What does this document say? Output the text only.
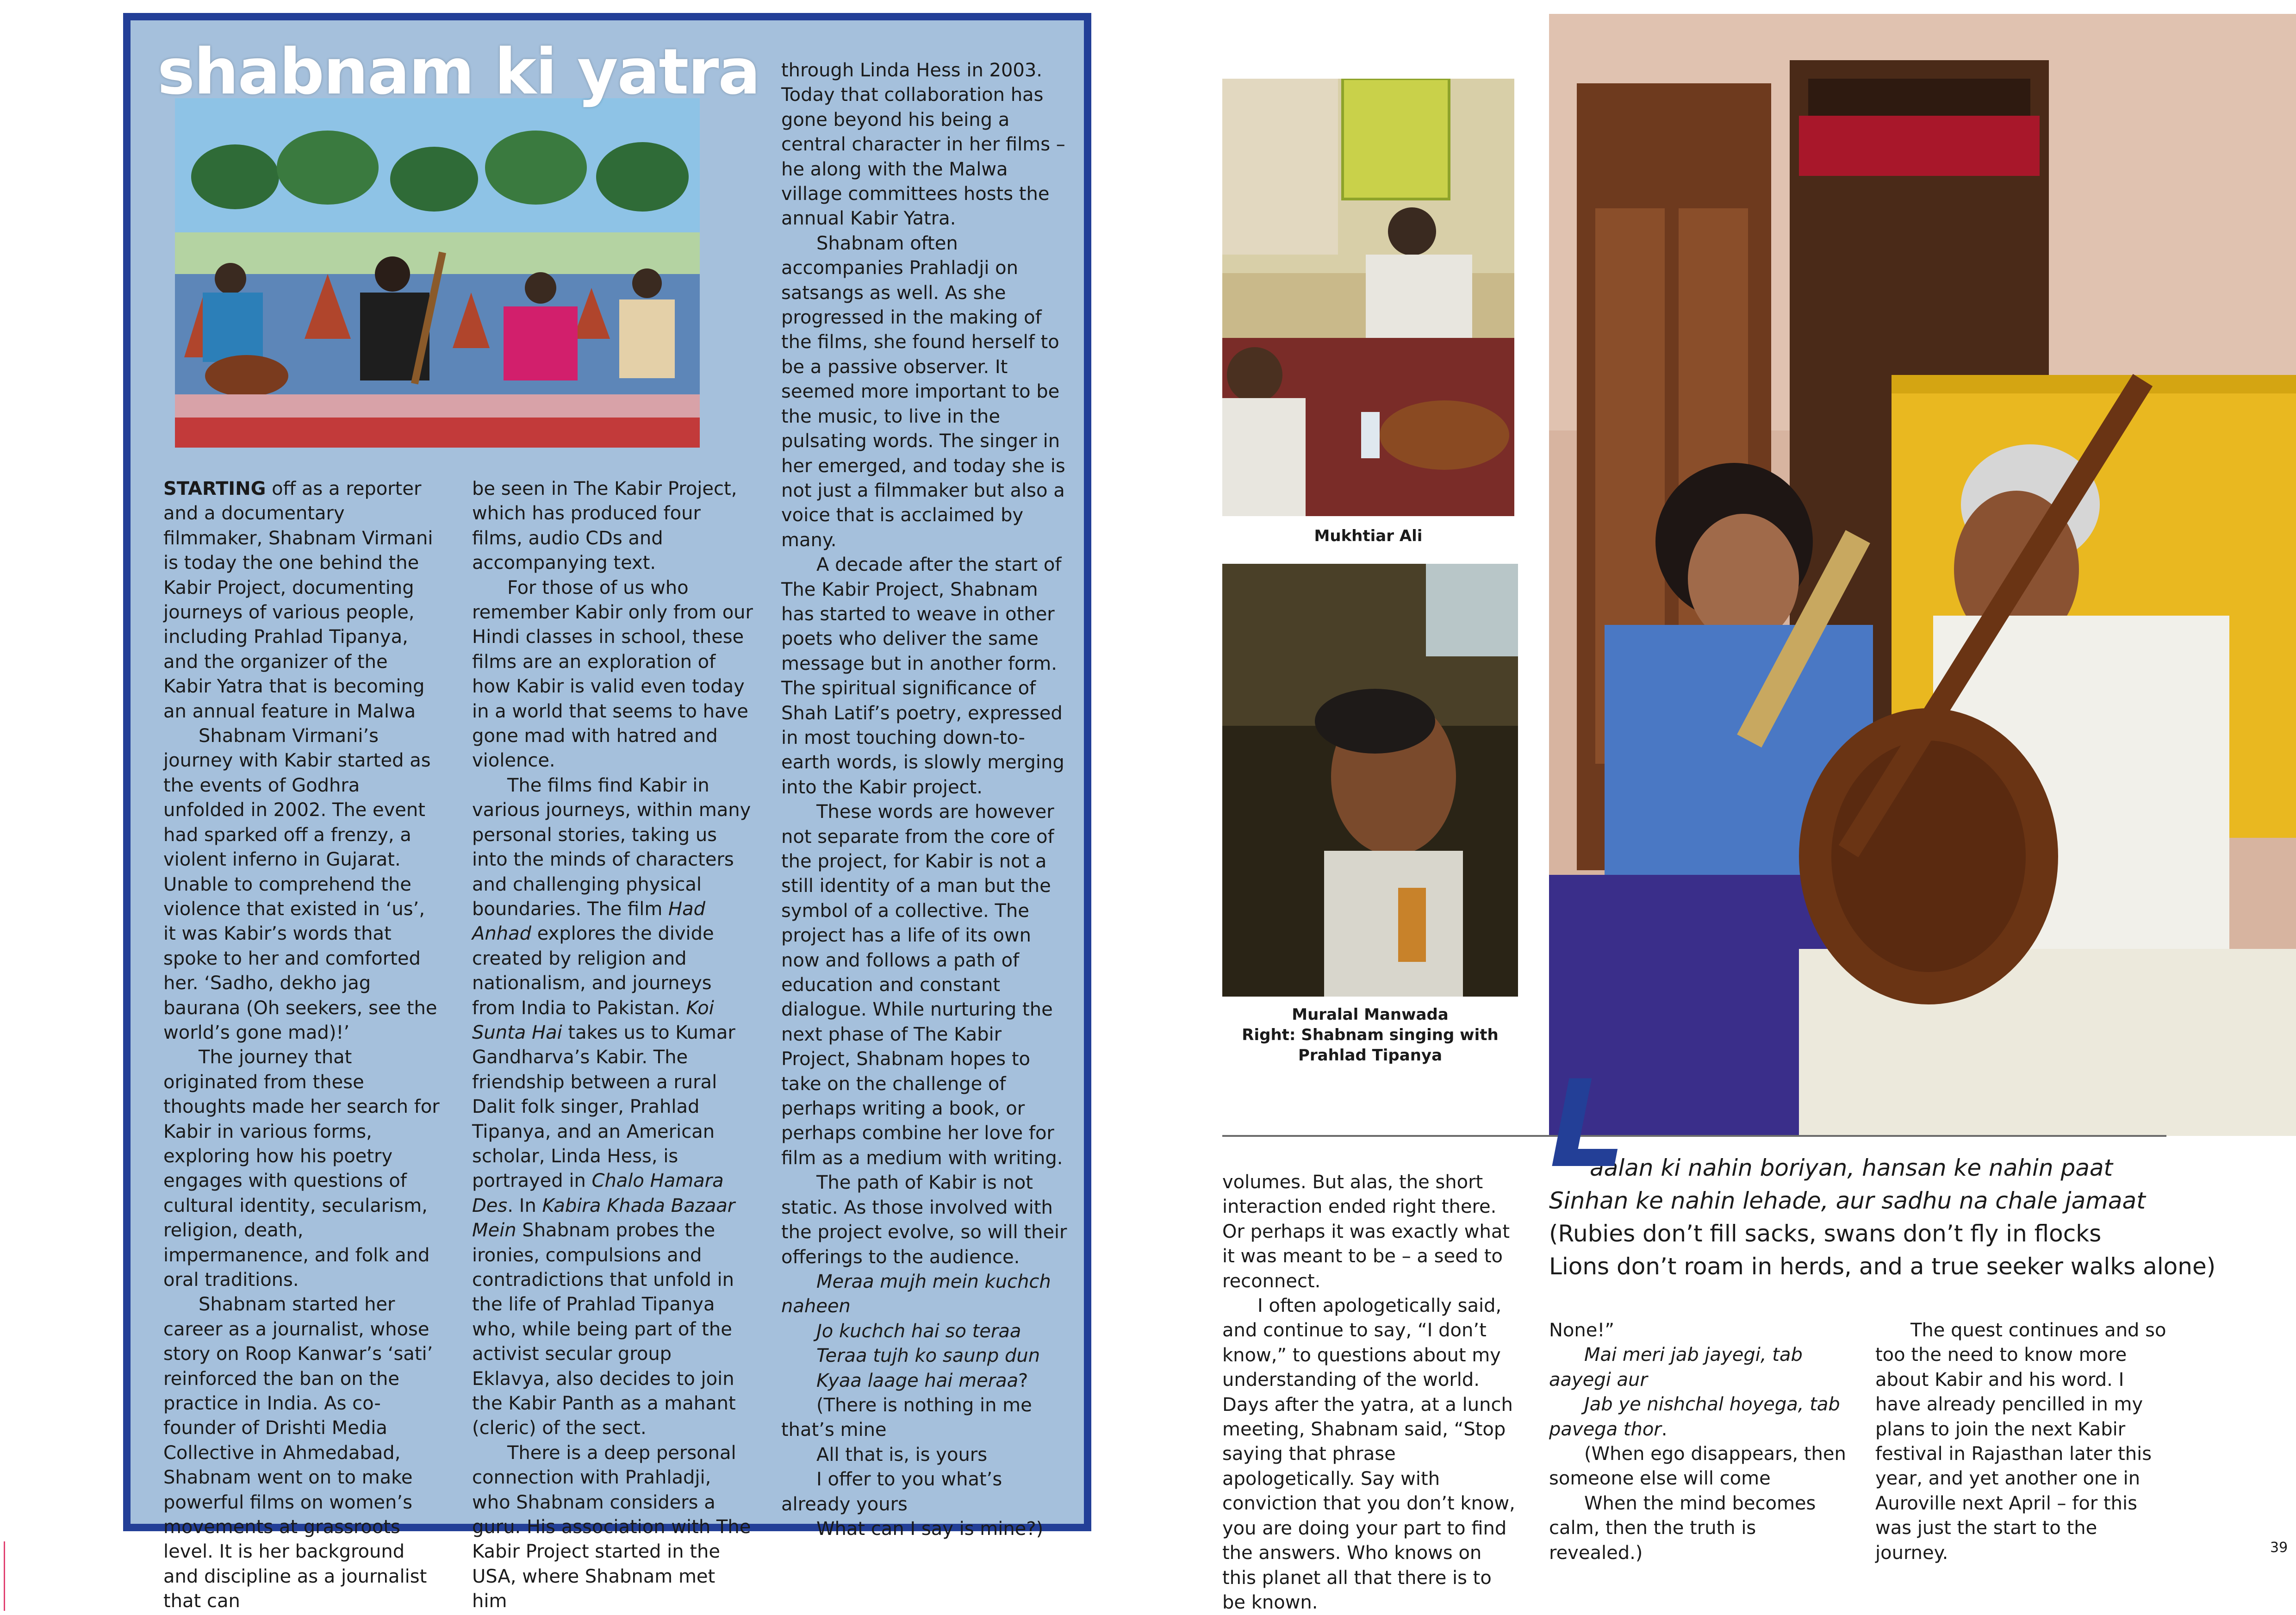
shabnam ki yatra

STARTING off as a reporter and a documentary filmmaker, Shabnam Virmani is today the one behind the Kabir Project, documenting journeys of various people, including Prahlad Tipanya, and the organizer of the Kabir Yatra that is becoming an annual feature in Malwa

Shabnam Virmani’s journey with Kabir started as the events of Godhra unfolded in 2002. The event had sparked off a frenzy, a violent inferno in Gujarat. Unable to comprehend the violence that existed in ‘us’, it was Kabir’s words that spoke to her and comforted her. ‘Sadho, dekho jag baurana (Oh seekers, see the world’s gone mad)!’

The journey that originated from these thoughts made her search for Kabir in various forms, exploring how his poetry engages with questions of cultural identity, secularism, religion, death, impermanence, and folk and oral traditions.

Shabnam started her career as a journalist, whose story on Roop Kanwar’s ‘sati’ reinforced the ban on the practice in India. As co-founder of Drishti Media Collective in Ahmedabad, Shabnam went on to make powerful films on women’s movements at grassroots level. It is her background and discipline as a journalist that can

be seen in The Kabir Project, which has produced four films, audio CDs and accompanying text.

For those of us who remember Kabir only from our Hindi classes in school, these films are an exploration of how Kabir is valid even today in a world that seems to have gone mad with hatred and violence.

The films find Kabir in various journeys, within many personal stories, taking us into the minds of characters and challenging physical boundaries. The film Had Anhad explores the divide created by religion and nationalism, and journeys from India to Pakistan. Koi Sunta Hai takes us to Kumar Gandharva’s Kabir. The friendship between a rural Dalit folk singer, Prahlad Tipanya, and an American scholar, Linda Hess, is portrayed in Chalo Hamara Des. In Kabira Khada Bazaar Mein Shabnam probes the ironies, compulsions and contradictions that unfold in the life of Prahlad Tipanya who, while being part of the activist secular group Eklavya, also decides to join the Kabir Panth as a mahant (cleric) of the sect.

There is a deep personal connection with Prahladji, who Shabnam considers a guru. His association with The Kabir Project started in the USA, where Shabnam met him

through Linda Hess in 2003. Today that collaboration has gone beyond his being a central character in her films – he along with the Malwa village committees hosts the annual Kabir Yatra.

Shabnam often accompanies Prahladji on satsangs as well. As she progressed in the making of the films, she found herself to be a passive observer. It seemed more important to be the music, to live in the pulsating words. The singer in her emerged, and today she is not just a filmmaker but also a voice that is acclaimed by many.

A decade after the start of The Kabir Project, Shabnam has started to weave in other poets who deliver the same message but in another form. The spiritual significance of Shah Latif’s poetry, expressed in most touching down-to-earth words, is slowly merging into the Kabir project.

These words are however not separate from the core of the project, for Kabir is not a still identity of a man but the symbol of a collective. The project has a life of its own now and follows a path of education and constant dialogue. While nurturing the next phase of The Kabir Project, Shabnam hopes to take on the challenge of perhaps writing a book, or perhaps combine her love for film as a medium with writing.

The path of Kabir is not static. As those involved with the project evolve, so will their offerings to the audience.

Meraa mujh mein kuchch naheen

Jo kuchch hai so teraa

Teraa tujh ko saunp dun

Kyaa laage hai meraa?

(There is nothing in me that’s mine

All that is, is yours

I offer to you what’s already yours

What can I say is mine?)

Mukhtiar Ali
Muralal Manwada
Right: Shabnam singing with
Prahlad Tipanya L
aalan ki nahin boriyan, hansan ke nahin paat
Sinhan ke nahin lehade, aur sadhu na chale jamaat
(Rubies don’t fill sacks, swans don’t fly in flocks
Lions don’t roam in herds, and a true seeker walks alone)

volumes. But alas, the short interaction ended right there. Or perhaps it was exactly what it was meant to be – a seed to reconnect.

I often apologetically said, and continue to say, “I don’t know,” to questions about my understanding of the world. Days after the yatra, at a lunch meeting, Shabnam said, “Stop saying that phrase apologetically. Say with conviction that you don’t know, you are doing your part to find the answers. Who knows on this planet all that there is to be known.

None!”

Mai meri jab jayegi, tab aayegi aur

Jab ye nishchal hoyega, tab pavega thor.

(When ego disappears, then someone else will come

When the mind becomes calm, then the truth is revealed.)

The quest continues and so too the need to know more about Kabir and his word. I have already pencilled in my plans to join the next Kabir festival in Rajasthan later this year, and yet another one in Auroville next April – for this was just the start to the journey.	39
